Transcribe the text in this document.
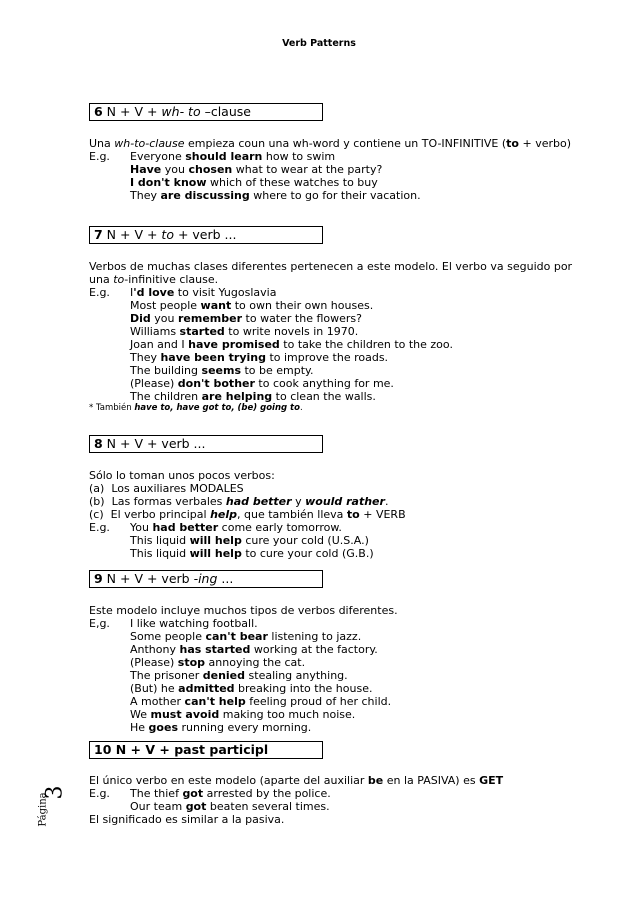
Verb Patterns
6 N + V + wh- to –clause
Una wh-to-clause empieza coun una wh-word y contiene un TO-INFINITIVE (to + verbo)
E.g. Everyone should learn how to swim
Have you chosen what to wear at the party?
I don't know which of these watches to buy
They are discussing where to go for their vacation.
7 N + V + to + verb ...
Verbos de muchas clases diferentes pertenecen a este modelo. El verbo va seguido por
una to-infinitive clause.
E.g. I'd love to visit Yugoslavia
Most people want to own their own houses.
Did you remember to water the flowers?
Williams started to write novels in 1970.
Joan and I have promised to take the children to the zoo.
They have been trying to improve the roads.
The building seems to be empty.
(Please) don't bother to cook anything for me.
The children are helping to clean the walls.
* También have to, have got to, (be) going to.
8 N + V + verb ...
Sólo lo toman unos pocos verbos:
(a) Los auxiliares MODALES
(b) Las formas verbales had better y would rather.
(c) El verbo principal help, que también lleva to + VERB
E.g. You had better come early tomorrow.
This liquid will help cure your cold (U.S.A.)
This liquid will help to cure your cold (G.B.)
9 N + V + verb -ing ...
Este modelo incluye muchos tipos de verbos diferentes.
E,g. I like watching football.
Some people can't bear listening to jazz.
Anthony has started working at the factory.
(Please) stop annoying the cat.
The prisoner denied stealing anything.
(But) he admitted breaking into the house.
A mother can't help feeling proud of her child.
We must avoid making too much noise.
He goes running every morning.
10 N + V + past participl
El único verbo en este modelo (aparte del auxiliar be en la PASIVA) es GET
E.g. The thief got arrested by the police.
Our team got beaten several times.
El significado es similar a la pasiva.
3
Página
